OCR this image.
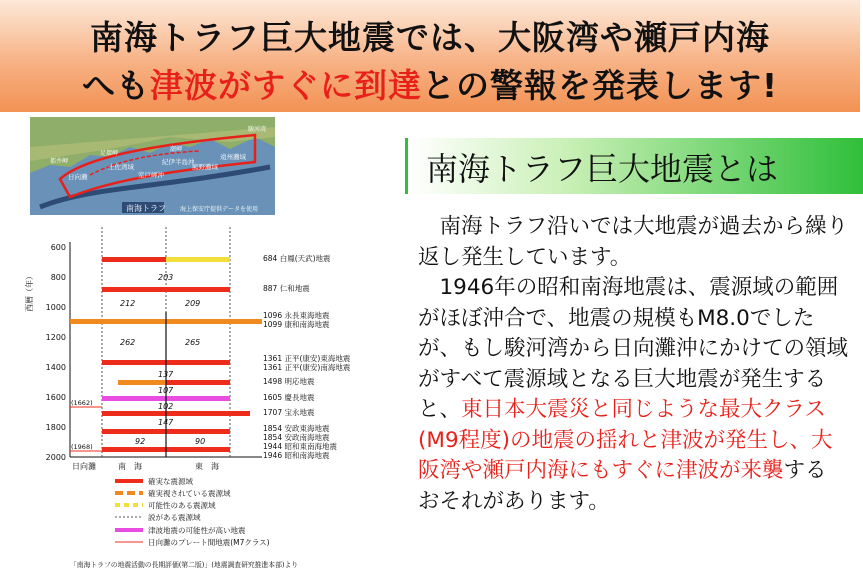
南海トラフ巨大地震では、大阪湾や瀬戸内海
へも津波がすぐに到達との警報を発表します!
日向灘
土佐湾域
室戸岬沖
紀伊半島沖
熊野灘域
遠州灘域
都井岬
潮岬
足摺岬
駿河湾
南海トラフ 海上保安庁提供データを使用
西暦（年）
600
800
1000
1200
1400
1600
1800
2000
203
212	209
262	265
137
107
102
147
92	90
(1662)
(1968)
日向灘	南　海	東　海
684 白鳳(天武)地震
887 仁和地震
1096 永長東海地震
1099 康和南海地震
1361 正平(康安)東海地震
1361 正平(康安)南海地震
1498 明応地震
1605 慶長地震
1707 宝永地震
1854 安政東海地震
1854 安政南海地震
1944 昭和東南海地震
1946 昭和南海地震
確実な震源域
確実視されている震源域
可能性のある震源域
説がある震源域
津波地震の可能性が高い地震
日向灘のプレート間地震(M7クラス)
「南海トラフの地震活動の長期評価(第二版)」(地震調査研究推進本部)より
南海トラフ巨大地震とは

南海トラフ沿いでは大地震が過去から繰り返し発生しています。

1946年の昭和南海地震は、震源域の範囲がほぼ沖合で、地震の規模もM8.0でしたが、もし駿河湾から日向灘沖にかけての領域がすべて震源域となる巨大地震が発生すると、東日本大震災と同じような最大クラス(M9程度)の地震の揺れと津波が発生し、大阪湾や瀬戸内海にもすぐに津波が来襲するおそれがあります。
